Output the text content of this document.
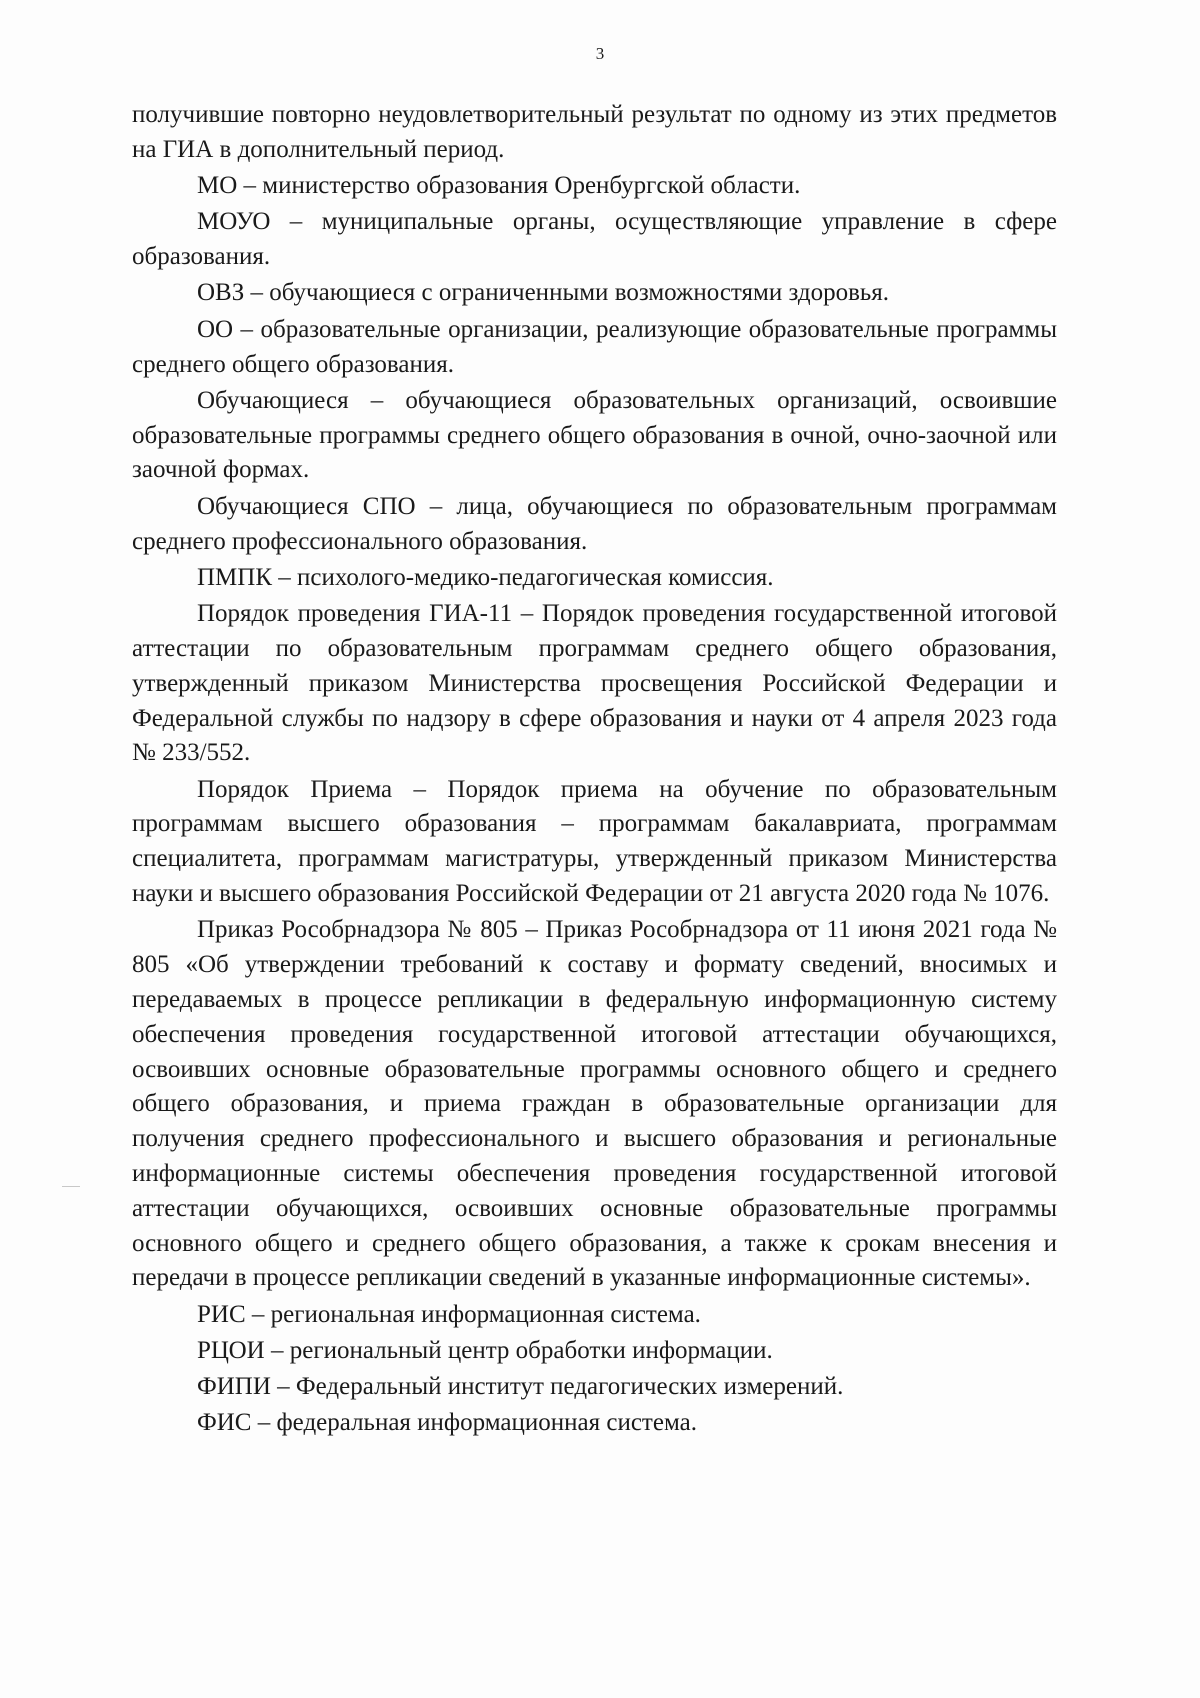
3

получившие повторно неудовлетворительный результат по одному из этих предметов на ГИА в дополнительный период.

МО – министерство образования Оренбургской области.

МОУО – муниципальные органы, осуществляющие управление в сфере образования.

ОВЗ – обучающиеся с ограниченными возможностями здоровья.

ОО – образовательные организации, реализующие образовательные программы среднего общего образования.

Обучающиеся – обучающиеся образовательных организаций, освоившие образовательные программы среднего общего образования в очной, очно-заочной или заочной формах.

Обучающиеся СПО – лица, обучающиеся по образовательным программам среднего профессионального образования.

ПМПК – психолого-медико-педагогическая комиссия.

Порядок проведения ГИА-11 – Порядок проведения государственной итоговой аттестации по образовательным программам среднего общего образования, утвержденный приказом Министерства просвещения Российской Федерации и Федеральной службы по надзору в сфере образования и науки от 4 апреля 2023 года № 233/552.

Порядок Приема – Порядок приема на обучение по образовательным программам высшего образования – программам бакалавриата, программам специалитета, программам магистратуры, утвержденный приказом Министерства науки и высшего образования Российской Федерации от 21 августа 2020 года № 1076.

Приказ Рособрнадзора № 805 – Приказ Рособрнадзора от 11 июня 2021 года № 805 «Об утверждении требований к составу и формату сведений, вносимых и передаваемых в процессе репликации в федеральную информационную систему обеспечения проведения государственной итоговой аттестации обучающихся, освоивших основные образовательные программы основного общего и среднего общего образования, и приема граждан в образовательные организации для получения среднего профессионального и высшего образования и региональные информационные системы обеспечения проведения государственной итоговой аттестации обучающихся, освоивших основные образовательные программы основного общего и среднего общего образования, а также к срокам внесения и передачи в процессе репликации сведений в указанные информационные системы».

РИС – региональная информационная система.

РЦОИ – региональный центр обработки информации.

ФИПИ – Федеральный институт педагогических измерений.

ФИС – федеральная информационная система.
